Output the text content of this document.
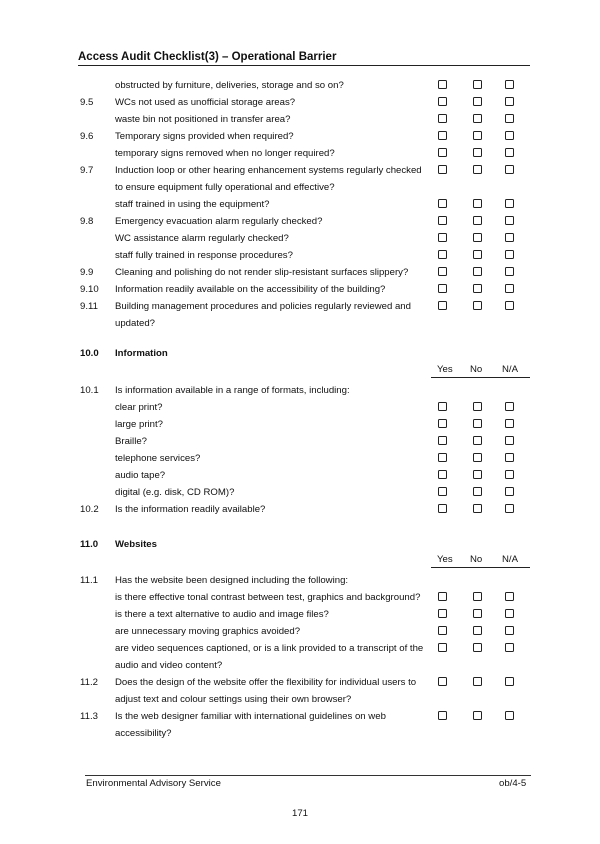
Access Audit Checklist(3) – Operational Barrier
obstructed by furniture, deliveries, storage and so on?
9.5 WCs not used as unofficial storage areas?
waste bin not positioned in transfer area?
9.6 Temporary signs provided when required?
temporary signs removed when no longer required?
9.7 Induction loop or other hearing enhancement systems regularly checked
to ensure equipment fully operational and effective?
staff trained in using the equipment?
9.8 Emergency evacuation alarm regularly checked?
WC assistance alarm regularly checked?
staff fully trained in response procedures?
9.9 Cleaning and polishing do not render slip-resistant surfaces slippery?
9.10 Information readily available on the accessibility of the building?
9.11 Building management procedures and policies regularly reviewed and
updated?
10.0 Information
10.1 Is information available in a range of formats, including:
clear print?
large print?
Braille?
telephone services?
audio tape?
digital (e.g. disk, CD ROM)?
10.2 Is the information readily available?
11.0 Websites
11.1 Has the website been designed including the following:
is there effective tonal contrast between test, graphics and background?
is there a text alternative to audio and image files?
are unnecessary moving graphics avoided?
are video sequences captioned, or is a link provided to a transcript of the
audio and video content?
11.2 Does the design of the website offer the flexibility for individual users to
adjust text and colour settings using their own browser?
11.3 Is the web designer familiar with international guidelines on web
accessibility?
Yes No N/A
Yes No N/A
Environmental Advisory Service	ob/4-5
171
